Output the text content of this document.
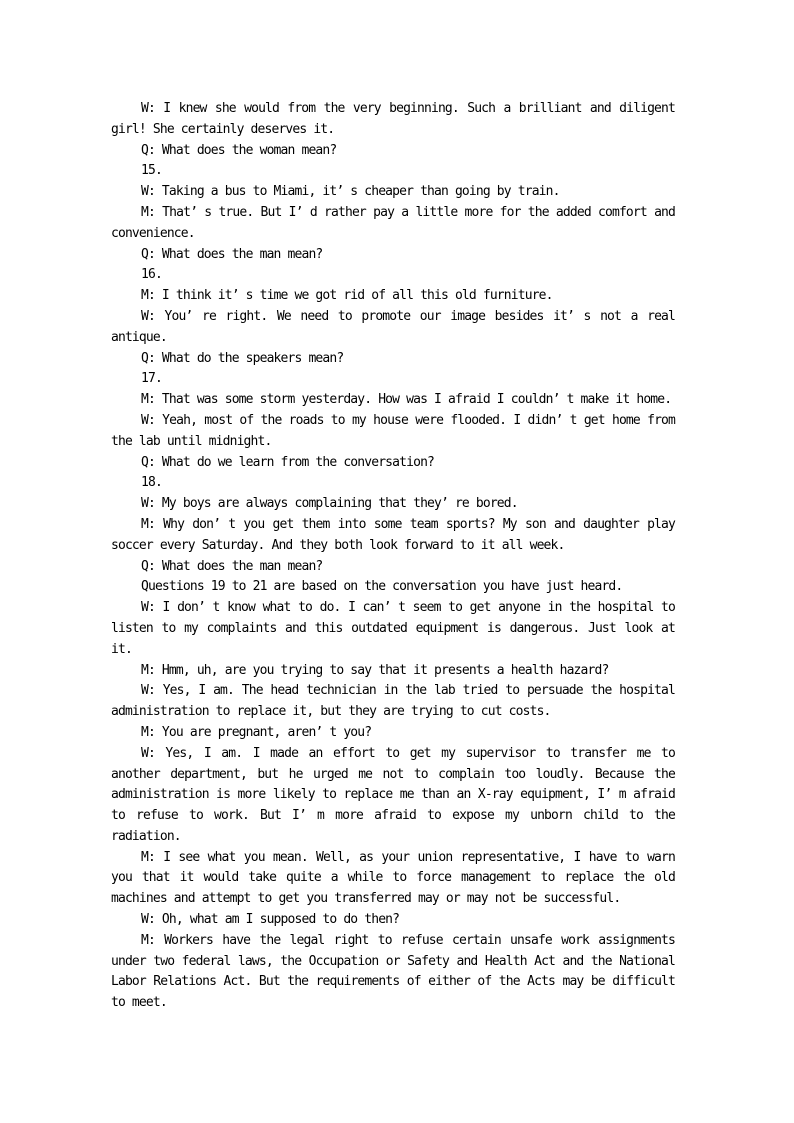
W: I knew she would from the very beginning. Such a brilliant and diligent girl! She certainly deserves it.

Q: What does the woman mean?

15.

W: Taking a bus to Miami, it’ s cheaper than going by train.

M: That’ s true. But I’ d rather pay a little more for the added comfort and convenience.

Q: What does the man mean?

16.

M: I think it’ s time we got rid of all this old furniture.

W: You’ re right. We need to promote our image besides it’ s not a real antique.

Q: What do the speakers mean?

17.

M: That was some storm yesterday. How was I afraid I couldn’ t make it home.

W: Yeah, most of the roads to my house were flooded. I didn’ t get home from the lab until midnight.

Q: What do we learn from the conversation?

18.

W: My boys are always complaining that they’ re bored.

M: Why don’ t you get them into some team sports? My son and daughter play soccer every Saturday. And they both look forward to it all week.

Q: What does the man mean?

Questions 19 to 21 are based on the conversation you have just heard.

W: I don’ t know what to do. I can’ t seem to get anyone in the hospital to listen to my complaints and this outdated equipment is dangerous. Just look at it.

M: Hmm, uh, are you trying to say that it presents a health hazard?

W: Yes, I am. The head technician in the lab tried to persuade the hospital administration to replace it, but they are trying to cut costs.

M: You are pregnant, aren’ t you?

W: Yes, I am. I made an effort to get my supervisor to transfer me to another department, but he urged me not to complain too loudly. Because the administration is more likely to replace me than an X-ray equipment, I’ m afraid to refuse to work. But I’ m more afraid to expose my unborn child to the radiation.

M: I see what you mean. Well, as your union representative, I have to warn you that it would take quite a while to force management to replace the old machines and attempt to get you transferred may or may not be successful.

W: Oh, what am I supposed to do then?

M: Workers have the legal right to refuse certain unsafe work assignments under two federal laws, the Occupation or Safety and Health Act and the National Labor Relations Act. But the requirements of either of the Acts may be difficult to meet.
